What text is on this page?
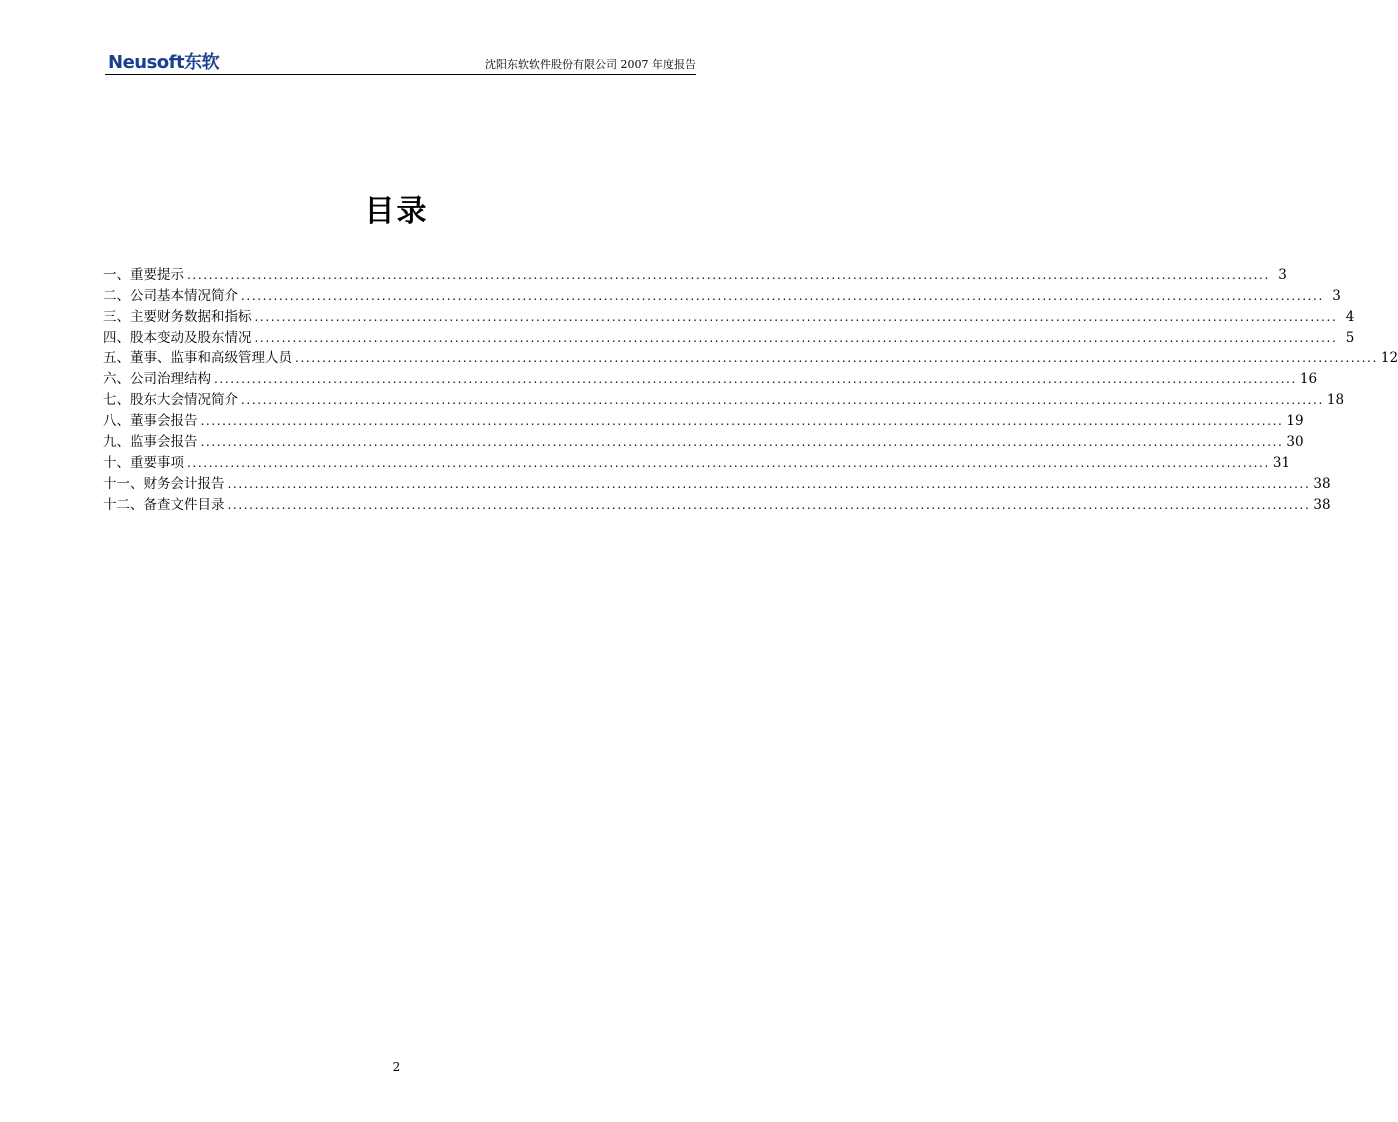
Neusoft东软	沈阳东软软件股份有限公司 2007 年度报告
目录
一、重要提示 ........................................................................................................................................................................................................ 3
二、公司基本情况简介 ........................................................................................................................................................................................................ 3
三、主要财务数据和指标 ........................................................................................................................................................................................................ 4
四、股本变动及股东情况 ........................................................................................................................................................................................................ 5
五、董事、监事和高级管理人员 ........................................................................................................................................................................................................ 12
六、公司治理结构 ........................................................................................................................................................................................................ 16
七、股东大会情况简介 ........................................................................................................................................................................................................ 18
八、董事会报告 ........................................................................................................................................................................................................ 19
九、监事会报告 ........................................................................................................................................................................................................ 30
十、重要事项 ........................................................................................................................................................................................................ 31
十一、财务会计报告 ........................................................................................................................................................................................................ 38
十二、备查文件目录 ........................................................................................................................................................................................................ 38
2
